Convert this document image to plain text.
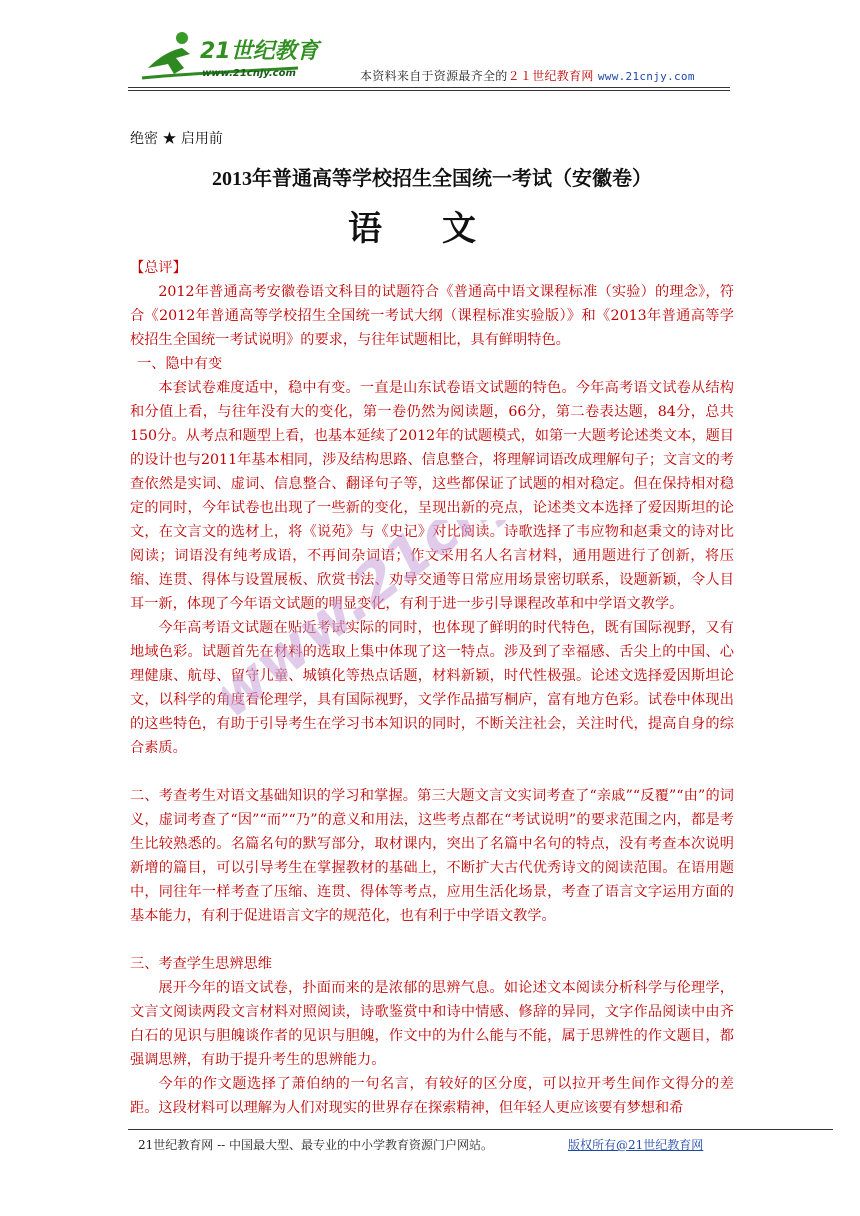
21世纪教育
www.21cnjy.com	本资料来自于资源最齐全的２１世纪教育网 www.21cnjy.com
绝密 ★ 启用前
2013年普通高等学校招生全国统一考试（安徽卷）
语文
【总评】

2012年普通高考安徽卷语文科目的试题符合《普通高中语文课程标准（实验）的理念》，符合《2012年普通高等学校招生全国统一考试大纲（课程标准实验版）》和《2013年普通高等学校招生全国统一考试说明》的要求，与往年试题相比，具有鲜明特色。

一、隐中有变

本套试卷难度适中，稳中有变。一直是山东试卷语文试题的特色。今年高考语文试卷从结构和分值上看，与往年没有大的变化，第一卷仍然为阅读题，66分，第二卷表达题，84分，总共150分。从考点和题型上看，也基本延续了2012年的试题模式，如第一大题考论述类文本，题目的设计也与2011年基本相同，涉及结构思路、信息整合，将理解词语改成理解句子；文言文的考查依然是实词、虚词、信息整合、翻译句子等，这些都保证了试题的相对稳定。但在保持相对稳定的同时，今年试卷也出现了一些新的变化，呈现出新的亮点，论述类文本选择了爱因斯坦的论文，在文言文的选材上，将《说苑》与《史记》对比阅读。诗歌选择了韦应物和赵秉文的诗对比阅读；词语没有纯考成语，不再间杂词语；作文采用名人名言材料，通用题进行了创新，将压缩、连贯、得体与设置展板、欣赏书法、劝导交通等日常应用场景密切联系，设题新颖，令人目耳一新，体现了今年语文试题的明显变化，有利于进一步引导课程改革和中学语文教学。

今年高考语文试题在贴近考试实际的同时，也体现了鲜明的时代特色，既有国际视野，又有地域色彩。试题首先在材料的选取上集中体现了这一特点。涉及到了幸福感、舌尖上的中国、心理健康、航母、留守儿童、城镇化等热点话题，材料新颖，时代性极强。论述文选择爱因斯坦论文，以科学的角度看伦理学，具有国际视野，文学作品描写桐庐，富有地方色彩。试卷中体现出的这些特色，有助于引导考生在学习书本知识的同时，不断关注社会，关注时代，提高自身的综合素质。

二、考查考生对语文基础知识的学习和掌握。第三大题文言文实词考查了“亲戚”“反覆”“由”的词义，虚词考查了“因”“而”“乃”的意义和用法，这些考点都在“考试说明”的要求范围之内，都是考生比较熟悉的。名篇名句的默写部分，取材课内，突出了名篇中名句的特点，没有考查本次说明新增的篇目，可以引导考生在掌握教材的基础上，不断扩大古代优秀诗文的阅读范围。在语用题中，同往年一样考查了压缩、连贯、得体等考点，应用生活化场景，考查了语言文字运用方面的基本能力，有利于促进语言文字的规范化，也有利于中学语文教学。

三、考查学生思辨思维

展开今年的语文试卷，扑面而来的是浓郁的思辨气息。如论述文本阅读分析科学与伦理学，文言文阅读两段文言材料对照阅读，诗歌鉴赏中和诗中情感、修辞的异同，文字作品阅读中由齐白石的见识与胆魄谈作者的见识与胆魄，作文中的为什么能与不能，属于思辨性的作文题目，都强调思辨，有助于提升考生的思辨能力。

今年的作文题选择了萧伯纳的一句名言，有较好的区分度，可以拉开考生间作文得分的差距。这段材料可以理解为人们对现实的世界存在探索精神，但年轻人更应该要有梦想和希

www.21cnjy.com
21世纪教育网 -- 中国最大型、最专业的中小学教育资源门户网站。	版权所有@21世纪教育网
